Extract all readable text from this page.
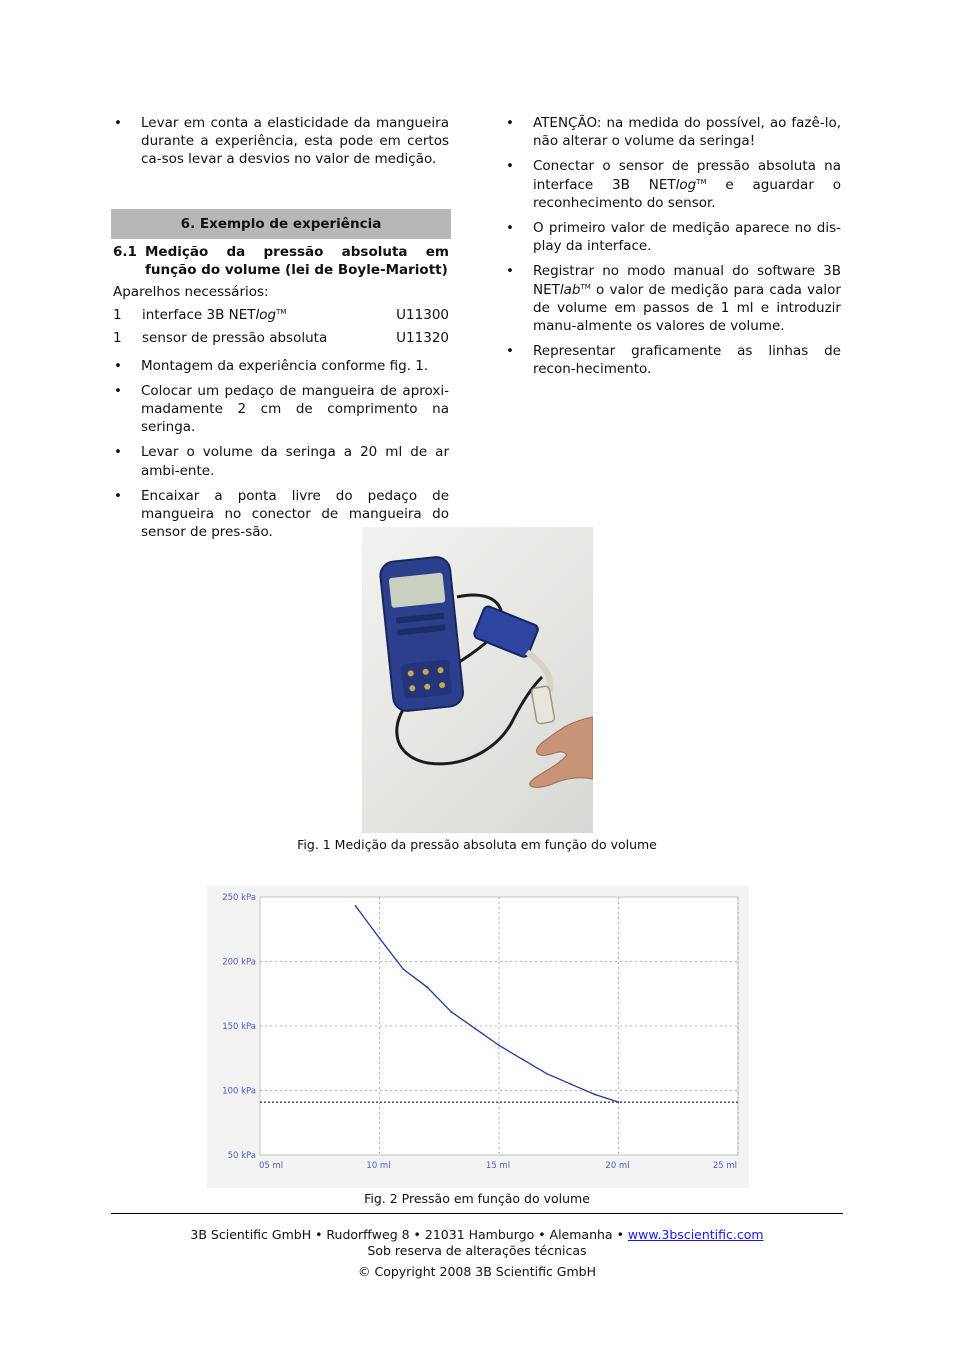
• Levar em conta a elasticidade da mangueira durante a experiência, esta pode em certos ca-sos levar a desvios no valor de medição.
6. Exemplo de experiência
6.1 Medição da pressão absoluta em função do volume (lei de Boyle-Mariott)
Aparelhos necessários:
1	interface 3B NETlog™	U11300
1	sensor de pressão absoluta	U11320
• Montagem da experiência conforme fig. 1.
• Colocar um pedaço de mangueira de aproxi-madamente 2 cm de comprimento na seringa.
• Levar o volume da seringa a 20 ml de ar ambi-ente.
• Encaixar a ponta livre do pedaço de mangueira no conector de mangueira do sensor de pres-são.
• ATENÇÃO: na medida do possível, ao fazê-lo, não alterar o volume da seringa!
• Conectar o sensor de pressão absoluta na interface 3B NETlog™ e aguardar o reconhecimento do sensor.
• O primeiro valor de medição aparece no dis-play da interface.
• Registrar no modo manual do software 3B NETlab™ o valor de medição para cada valor de volume em passos de 1 ml e introduzir manu-almente os valores de volume.
• Representar graficamente as linhas de recon-hecimento.
Fig. 1 Medição da pressão absoluta em função do volume
05 ml	10 ml	15 ml	20 ml	25 ml
50 kPa
100 kPa
150 kPa
200 kPa
250 kPa
Fig. 2 Pressão em função do volume
3B Scientific GmbH • Rudorffweg 8 • 21031 Hamburgo • Alemanha • www.3bscientific.com
Sob reserva de alterações técnicas
© Copyright 2008 3B Scientific GmbH
